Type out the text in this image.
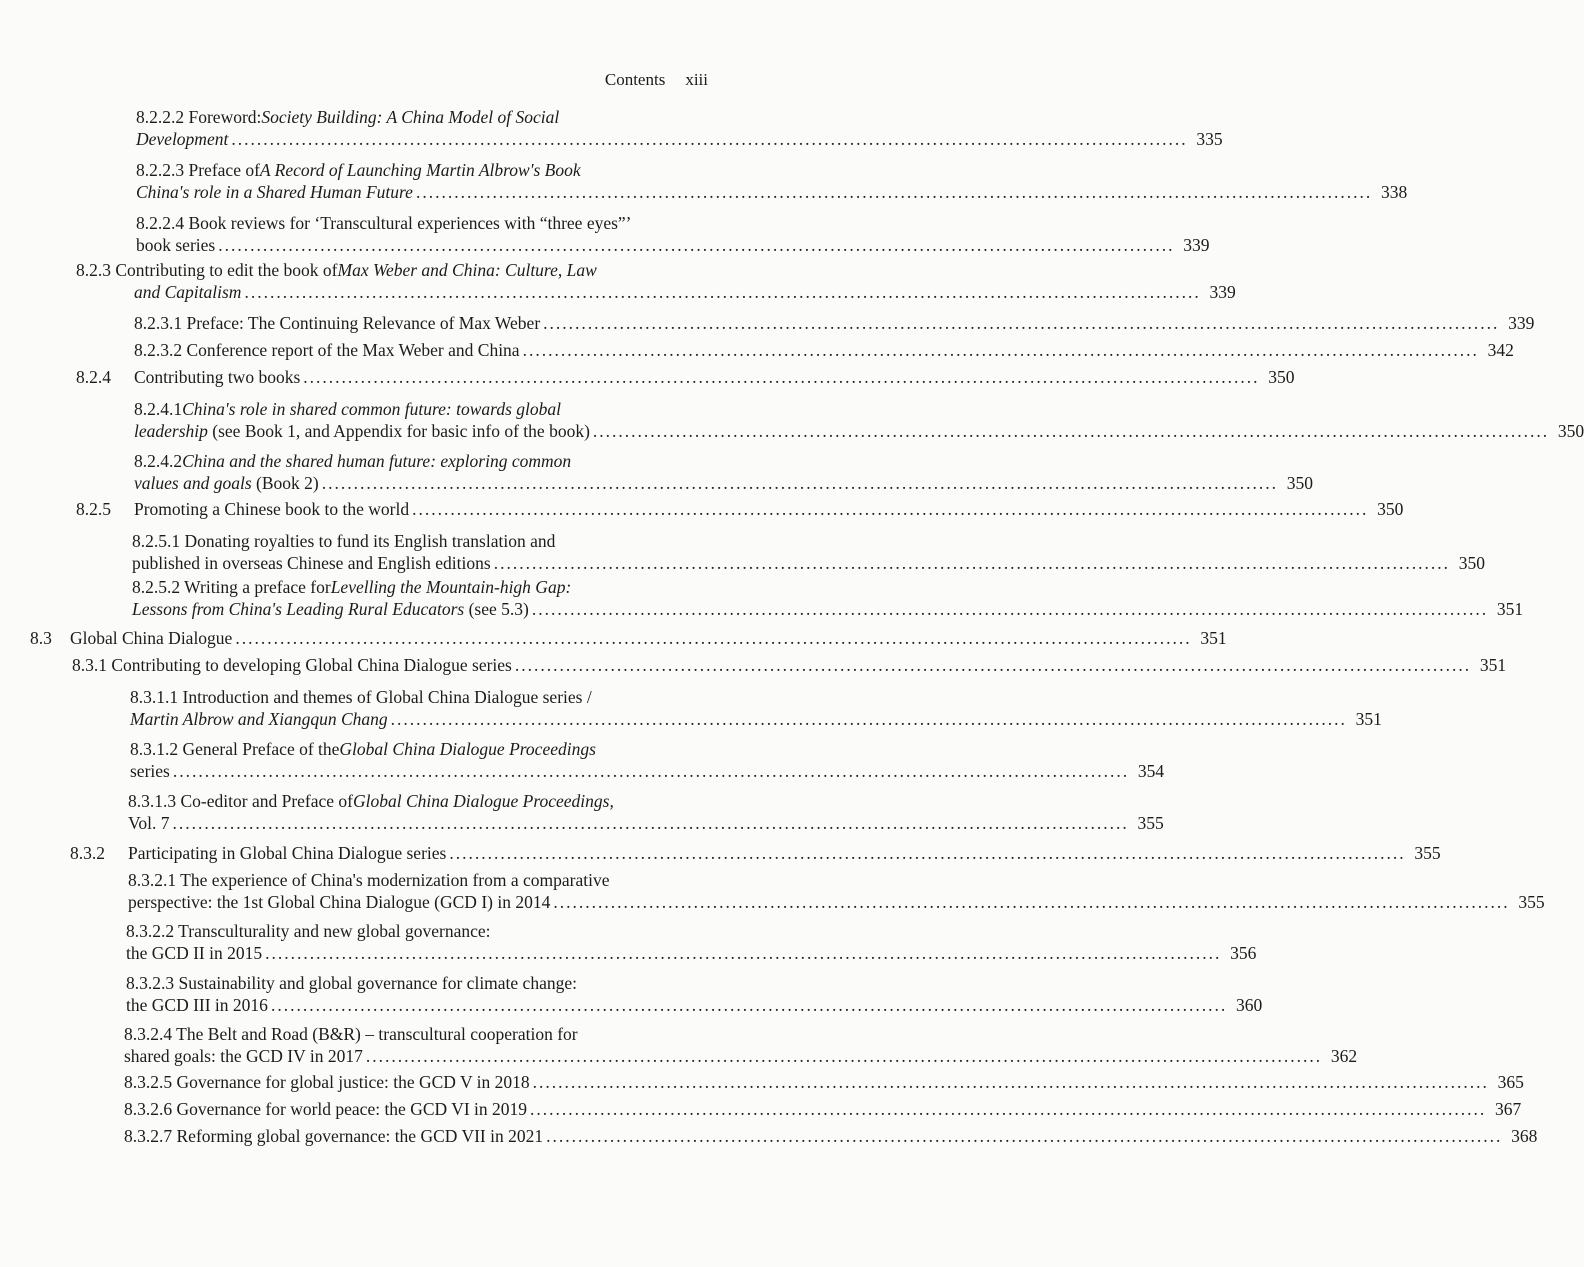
Contents xiii
8.2.2.2 Foreword: Society Building: A China Model of Social
Development ...................................................................................................................................................... 335
8.2.2.3 Preface of A Record of Launching Martin Albrow's Book
China's role in a Shared Human Future ...................................................................................................................................................... 338
8.2.2.4 Book reviews for ‘Transcultural experiences with “three eyes”’
book series ...................................................................................................................................................... 339
8.2.3 Contributing to edit the book of Max Weber and China: Culture, Law
and Capitalism ...................................................................................................................................................... 339
8.2.3.1 Preface: The Continuing Relevance of Max Weber ...................................................................................................................................................... 339
8.2.3.2 Conference report of the Max Weber and China ...................................................................................................................................................... 342
8.2.4 Contributing two books ...................................................................................................................................................... 350
8.2.4.1 China's role in shared common future: towards global
leadership (see Book 1, and Appendix for basic info of the book) ...................................................................................................................................................... 350
8.2.4.2 China and the shared human future: exploring common
values and goals (Book 2) ...................................................................................................................................................... 350
8.2.5 Promoting a Chinese book to the world ...................................................................................................................................................... 350
8.2.5.1 Donating royalties to fund its English translation and
published in overseas Chinese and English editions ...................................................................................................................................................... 350
8.2.5.2 Writing a preface for Levelling the Mountain-high Gap:
Lessons from China's Leading Rural Educators (see 5.3) ...................................................................................................................................................... 351
8.3 Global China Dialogue ...................................................................................................................................................... 351
8.3.1 Contributing to developing Global China Dialogue series ...................................................................................................................................................... 351
8.3.1.1 Introduction and themes of Global China Dialogue series /
Martin Albrow and Xiangqun Chang ...................................................................................................................................................... 351
8.3.1.2 General Preface of the Global China Dialogue Proceedings
series ...................................................................................................................................................... 354
8.3.1.3 Co-editor and Preface of Global China Dialogue Proceedings,
Vol. 7 ...................................................................................................................................................... 355
8.3.2 Participating in Global China Dialogue series ...................................................................................................................................................... 355
8.3.2.1 The experience of China's modernization from a comparative
perspective: the 1st Global China Dialogue (GCD I) in 2014 ...................................................................................................................................................... 355
8.3.2.2 Transculturality and new global governance:
the GCD II in 2015 ...................................................................................................................................................... 356
8.3.2.3 Sustainability and global governance for climate change:
the GCD III in 2016 ...................................................................................................................................................... 360
8.3.2.4 The Belt and Road (B&R) – transcultural cooperation for
shared goals: the GCD IV in 2017 ...................................................................................................................................................... 362
8.3.2.5 Governance for global justice: the GCD V in 2018 ...................................................................................................................................................... 365
8.3.2.6 Governance for world peace: the GCD VI in 2019 ...................................................................................................................................................... 367
8.3.2.7 Reforming global governance: the GCD VII in 2021 ...................................................................................................................................................... 368
